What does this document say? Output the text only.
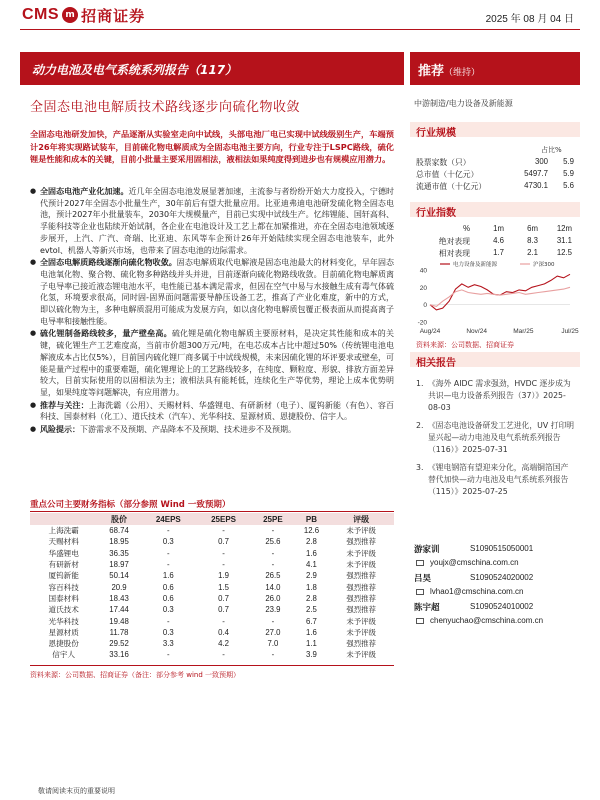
CMS m 招商证券	2025 年 08 月 04 日
动力电池及电气系统系列报告（117）	推荐（维持）
全固态电池电解质技术路线逐步向硫化物收敛	中游制造/电力设备及新能源
全固态电池研发加快，产品逐渐从实验室走向中试线，头部电池厂电已实现中试线级别生产，车端预计26年将实现路试装车，目前硫化物电解质成为全固态电池主要方向，行业专注于LSPC路线，硫化锂是性能和成本的关键，目前小批量主要采用固相法，液相法如果纯度得到进步也有规模应用潜力。
● 全固态电池产业化加速。近几年全固态电池发展显著加速，主流参与者纷纷开始大力度投入，宁德时代预计2027年全固态小批量生产，30年前后有望大批量应用。比亚迪弗迪电池研发硫化物全固态电池，预计2027年小批量装车，2030年大规模量产，目前已实现中试线生产。忆纬锂能、国轩高科、孚能科技等企业也陆续开始试制，各企业在电池设计及工艺上都在加紧推进，亦在全固态电池领域逐步展开，上汽、广汽、奇瑞、比亚迪、东风等车企预计26年开始陆续实现全固态电池装车，此外evtol、机器人等新兴市场，也带来了固态电池的边际需求。
● 全固态电解质路线逐渐向硫化物收敛。固态电解质取代电解液是固态电池最大的材料变化，早年固态电池氧化物、聚合物、硫化物多种路线并头并进，目前逐渐向硫化物路线收敛。目前硫化物电解质离子电导率已接近液态锂电池水平，电性能已基本满足需求，但因在空气中易与水接触生成有毒气体硫化氢，环境要求很高，同时固-固界面问题需要导静压设备工艺，推高了产业化难度，新中的方式，即以硫化物为主，多种电解质混用可能成为发展方向，如以卤化物电解质包覆正极表面从而提高离子电导率和接触性能。
● 硫化锂制备路线较多，量产壁垒高。硫化锂是硫化物电解质主要原材料，是决定其性能和成本的关键，硫化锂生产工艺难度高，当前市价超300万元/吨，在电芯成本占比中超过50%（传统锂电池电解液成本占比仅5%），目前国内硫化锂厂商多属于中试线规模，未来因硫化锂的坏评要求或壁垒，可能是量产过程中的重要难题，硫化锂理论上的工艺路线较多，在纯度、颗粒度、形貌、排放方面差异较大，目前实际使用的以固相法为主；液相法具有能耗低，连续化生产等优势，理论上成本优势明显，如果纯度等问题解决，有应用潜力。
● 推荐与关注：上海洗霸（公用）、天赐材料、华盛锂电、有研新材（电子）、厦钨新能（有色）、容百科技、国泰材料（化工）、道氏技术（汽车）、光华科技、星源材质、恩捷股份、信宇人。
● 风险提示：下游需求不及预期、产品降本不及预期、技术进步不及预期。
重点公司主要财务指标（部分参照 Wind 一致预期）
	股价	24EPS	25EPS	25PE	PB	评级
上海洗霸	68.74	-	-	-	12.6	未予评级
天赐材料	18.95	0.3	0.7	25.6	2.8	强烈推荐
华盛锂电	36.35	-	-	-	1.6	未予评级
有研新材	18.97	-	-	-	4.1	未予评级
厦钨新能	50.14	1.6	1.9	26.5	2.9	强烈推荐
容百科技	20.9	0.6	1.5	14.0	1.8	强烈推荐
国泰材料	18.43	0.6	0.7	26.0	2.8	强烈推荐
道氏技术	17.44	0.3	0.7	23.9	2.5	强烈推荐
光华科技	19.48	-	-	-	6.7	未予评级
星源材质	11.78	0.3	0.4	27.0	1.6	未予评级
恩捷股份	29.52	3.3	4.2	7.0	1.1	强烈推荐
信宇人	33.16	-	-	-	3.9	未予评级
资料来源：公司数据、招商证券（备注：部分参考 wind 一致预期）
敬请阅读末页的重要说明
行业规模
占比%
股票家数（只）	300	5.9
总市值（十亿元）	5497.7	5.9
流通市值（十亿元）	4730.1	5.6
行业指数
%	1m	6m	12m
绝对表现	4.6	8.3	31.1
相对表现	1.7	2.1	12.5
40
20
0
-20
Aug/24	Nov/24	Mar/25	Jul/25
电力设备及新能源	沪深300
资料来源：公司数据、招商证券
相关报告
1. 《海外 AIDC 需求强劲，HVDC 逐步成为共识—电力设备系列报告（37）》2025-08-03
2. 《固态电池设备研发工艺进化，UV 打印明显兴起—动力电池及电气系统系列报告（116）》2025-07-31
3. 《锂电钢箔有望迎来分化，高端铜箔国产替代加快—动力电池及电气系统系列报告（115）》2025-07-25
游家训	S1090515050001
youjx@cmschina.com.cn
吕昊	S1090524020002
lvhao1@cmschina.com.cn
陈宇超	S1090524010002
chenyuchao@cmschina.com.cn
